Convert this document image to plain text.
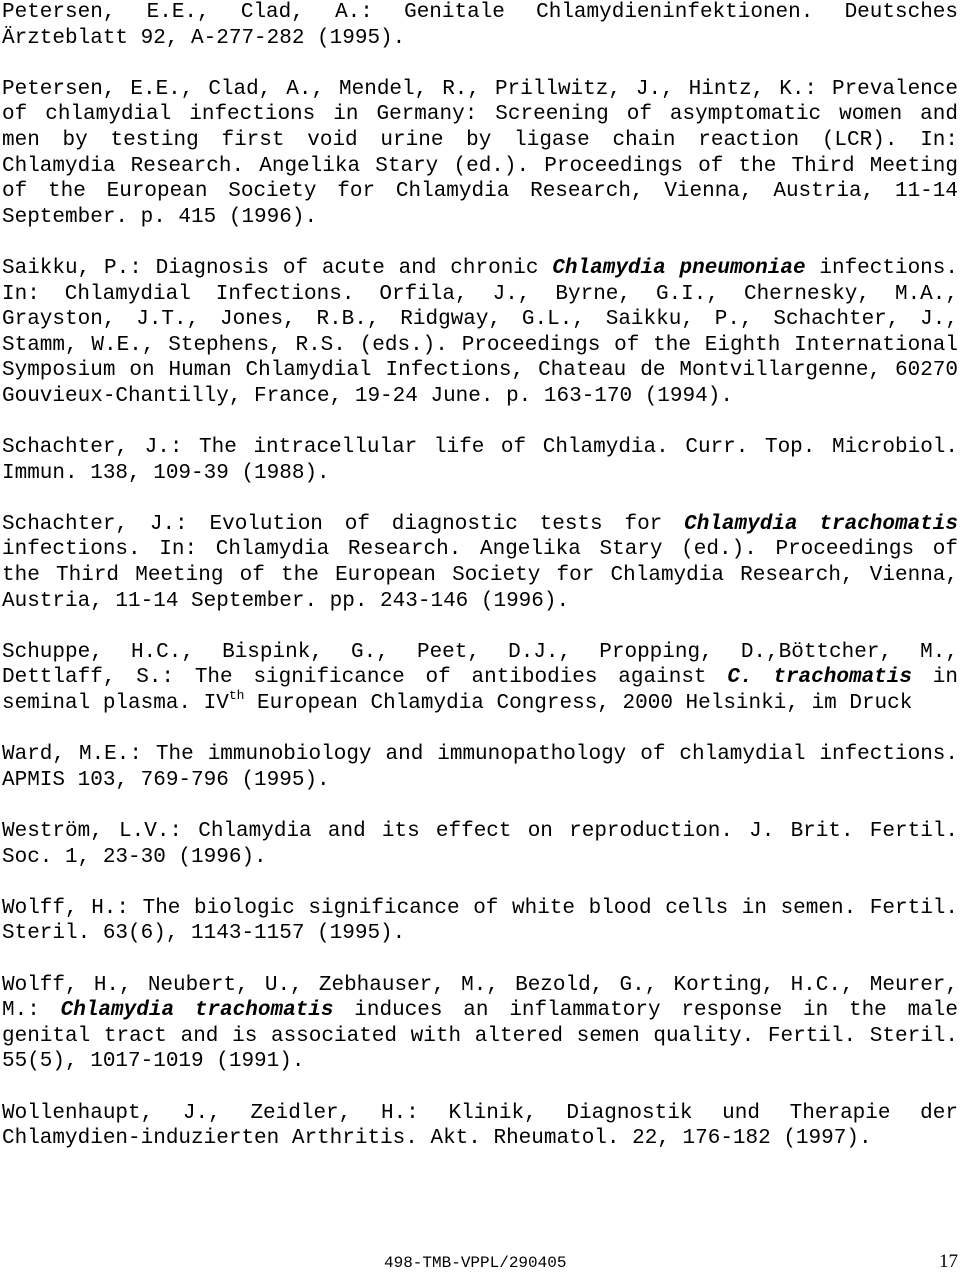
Petersen, E.E., Clad, A.: Genitale Chlamydieninfektionen. Deutsches Ärzteblatt 92, A-277-282 (1995).

Petersen, E.E., Clad, A., Mendel, R., Prillwitz, J., Hintz, K.: Prevalence of chlamydial infections in Germany: Screening of asymptomatic women and men by testing first void urine by ligase chain reaction (LCR). In: Chlamydia Research. Angelika Stary (ed.). Proceedings of the Third Meeting of the European Society for Chlamydia Research, Vienna, Austria, 11-14 September. p. 415 (1996).

Saikku, P.: Diagnosis of acute and chronic Chlamydia pneumoniae infections. In: Chlamydial Infections. Orfila, J., Byrne, G.I., Chernesky, M.A., Grayston, J.T., Jones, R.B., Ridgway, G.L., Saikku, P., Schachter, J., Stamm, W.E., Stephens, R.S. (eds.). Proceedings of the Eighth International Symposium on Human Chlamydial Infections, Chateau de Montvillargenne, 60270 Gouvieux-Chantilly, France, 19-24 June. p. 163-170 (1994).

Schachter, J.: The intracellular life of Chlamydia. Curr. Top. Microbiol. Immun. 138, 109-39 (1988).

Schachter, J.: Evolution of diagnostic tests for Chlamydia trachomatis infections. In: Chlamydia Research. Angelika Stary (ed.). Proceedings of the Third Meeting of the European Society for Chlamydia Research, Vienna, Austria, 11-14 September. pp. 243-146 (1996).

Schuppe, H.C., Bispink, G., Peet, D.J., Propping, D.,Böttcher, M., Dettlaff, S.: The significance of antibodies against C. trachomatis in seminal plasma. IVth European Chlamydia Congress, 2000 Helsinki, im Druck

Ward, M.E.: The immunobiology and immunopathology of chlamydial infections. APMIS 103, 769-796 (1995).

Weström, L.V.: Chlamydia and its effect on reproduction. J. Brit. Fertil. Soc. 1, 23-30 (1996).

Wolff, H.: The biologic significance of white blood cells in semen. Fertil. Steril. 63(6), 1143-1157 (1995).

Wolff, H., Neubert, U., Zebhauser, M., Bezold, G., Korting, H.C., Meurer, M.: Chlamydia trachomatis induces an inflammatory response in the male genital tract and is associated with altered semen quality. Fertil. Steril. 55(5), 1017-1019 (1991).

Wollenhaupt, J., Zeidler, H.: Klinik, Diagnostik und Therapie der Chlamydien-induzierten Arthritis. Akt. Rheumatol. 22, 176-182 (1997).

498-TMB-VPPL/290405	17
